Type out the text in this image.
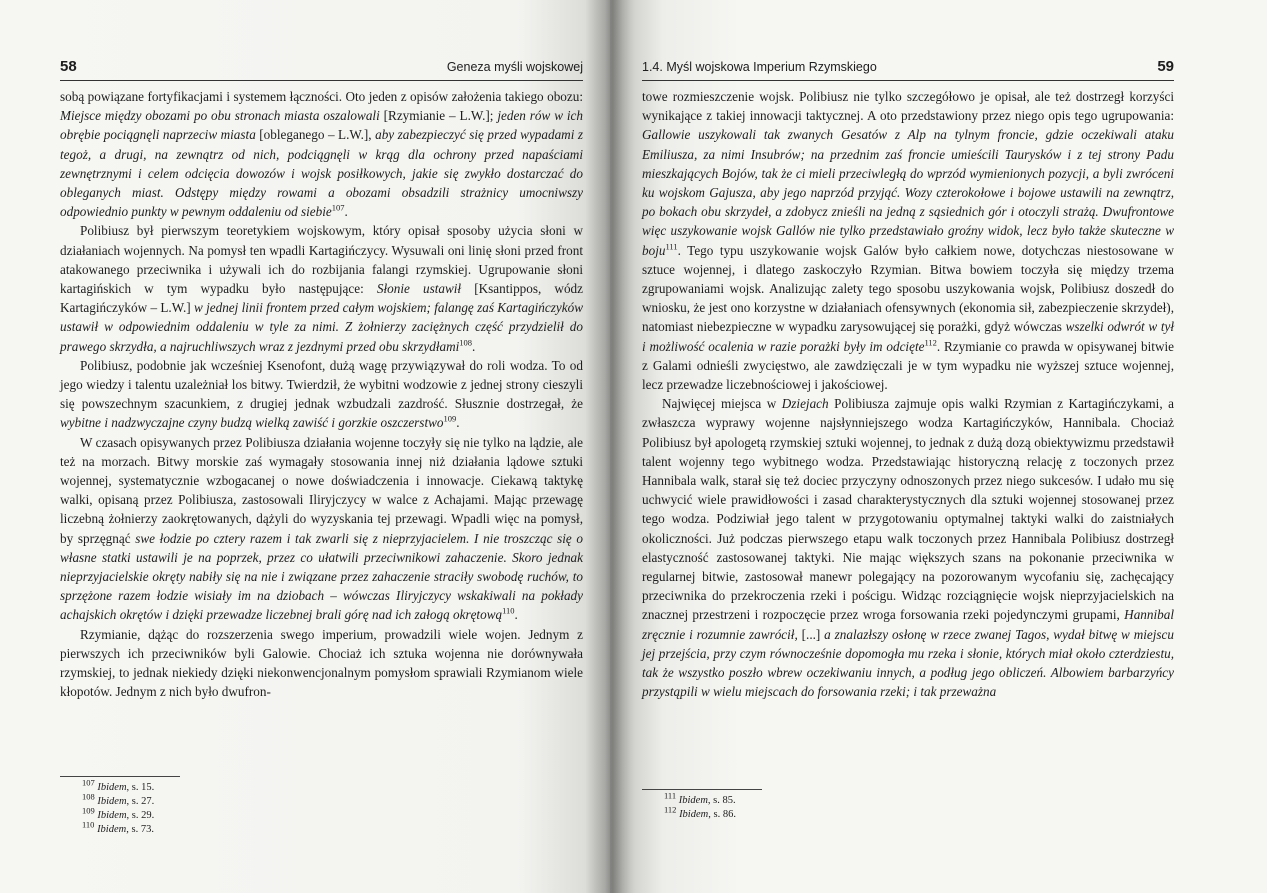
58	Geneza myśli wojskowej

sobą powiązane fortyfikacjami i systemem łączności. Oto jeden z opisów założenia takiego obozu: Miejsce między obozami po obu stronach miasta oszalowali [Rzymianie – L.W.]; jeden rów w ich obrębie pociągnęli naprzeciw miasta [obleganego – L.W.], aby zabezpieczyć się przed wypadami z tegoż, a drugi, na zewnątrz od nich, podciągnęli w krąg dla ochrony przed napaściami zewnętrznymi i celem odcięcia dowozów i wojsk posiłkowych, jakie się zwykło dostarczać do obleganych miast. Odstępy między rowami a obozami obsadzili strażnicy umocniwszy odpowiednio punkty w pewnym oddaleniu od siebie$^{107}$.

Polibiusz był pierwszym teoretykiem wojskowym, który opisał sposoby użycia słoni w działaniach wojennych. Na pomysł ten wpadli Kartagińczycy. Wysuwali oni linię słoni przed front atakowanego przeciwnika i używali ich do rozbijania falangi rzymskiej. Ugrupowanie słoni kartagińskich w tym wypadku było następujące: Słonie ustawił [Ksantippos, wódz Kartagińczyków – L.W.] w jednej linii frontem przed całym wojskiem; falangę zaś Kartagińczyków ustawił w odpowiednim oddaleniu w tyle za nimi. Z żołnierzy zaciężnych część przydzielił do prawego skrzydła, a najruchliwszych wraz z jezdnymi przed obu skrzydłami$^{108}$.

Polibiusz, podobnie jak wcześniej Ksenofont, dużą wagę przywiązywał do roli wodza. To od jego wiedzy i talentu uzależniał los bitwy. Twierdził, że wybitni wodzowie z jednej strony cieszyli się powszechnym szacunkiem, z drugiej jednak wzbudzali zazdrość. Słusznie dostrzegał, że wybitne i nadzwyczajne czyny budzą wielką zawiść i gorzkie oszczerstwo$^{109}$.

W czasach opisywanych przez Polibiusza działania wojenne toczyły się nie tylko na lądzie, ale też na morzach. Bitwy morskie zaś wymagały stosowania innej niż działania lądowe sztuki wojennej, systematycznie wzbogacanej o nowe doświadczenia i innowacje. Ciekawą taktykę walki, opisaną przez Polibiusza, zastosowali Iliryjczycy w walce z Achajami. Mając przewagę liczebną żołnierzy zaokrętowanych, dążyli do wyzyskania tej przewagi. Wpadli więc na pomysł, by sprzęgnąć swe łodzie po cztery razem i tak zwarli się z nieprzyjacielem. I nie troszcząc się o własne statki ustawili je na poprzek, przez co ułatwili przeciwnikowi zahaczenie. Skoro jednak nieprzyjacielskie okręty nabiły się na nie i związane przez zahaczenie straciły swobodę ruchów, to sprzężone razem łodzie wisiały im na dziobach – wówczas Iliryjczycy wskakiwali na pokłady achajskich okrętów i dzięki przewadze liczebnej brali górę nad ich załogą okrętową$^{110}$.

Rzymianie, dążąc do rozszerzenia swego imperium, prowadzili wiele wojen. Jednym z pierwszych ich przeciwników byli Galowie. Chociaż ich sztuka wojenna nie dorównywała rzymskiej, to jednak niekiedy dzięki niekonwencjonalnym pomysłom sprawiali Rzymianom wiele kłopotów. Jednym z nich było dwufron-

$^{107}$ Ibidem, s. 15.
$^{108}$ Ibidem, s. 27.
$^{109}$ Ibidem, s. 29.
$^{110}$ Ibidem, s. 73.
1.4. Myśl wojskowa Imperium Rzymskiego	59

towe rozmieszczenie wojsk. Polibiusz nie tylko szczegółowo je opisał, ale też dostrzegł korzyści wynikające z takiej innowacji taktycznej. A oto przedstawiony przez niego opis tego ugrupowania: Gallowie uszykowali tak zwanych Gesatów z Alp na tylnym froncie, gdzie oczekiwali ataku Emiliusza, za nimi Insubrów; na przednim zaś froncie umieścili Taurysków i z tej strony Padu mieszkających Bojów, tak że ci mieli przeciwległą do wprzód wymienionych pozycji, a byli zwróceni ku wojskom Gajusza, aby jego naprzód przyjąć. Wozy czterokołowe i bojowe ustawili na zewnątrz, po bokach obu skrzydeł, a zdobycz znieśli na jedną z sąsiednich gór i otoczyli strażą. Dwufrontowe więc uszykowanie wojsk Gallów nie tylko przedstawiało groźny widok, lecz było także skuteczne w boju$^{111}$. Tego typu uszykowanie wojsk Galów było całkiem nowe, dotychczas niestosowane w sztuce wojennej, i dlatego zaskoczyło Rzymian. Bitwa bowiem toczyła się między trzema zgrupowaniami wojsk. Analizując zalety tego sposobu uszykowania wojsk, Polibiusz doszedł do wniosku, że jest ono korzystne w działaniach ofensywnych (ekonomia sił, zabezpieczenie skrzydeł), natomiast niebezpieczne w wypadku zarysowującej się porażki, gdyż wówczas wszelki odwrót w tył i możliwość ocalenia w razie porażki były im odcięte$^{112}$. Rzymianie co prawda w opisywanej bitwie z Galami odnieśli zwycięstwo, ale zawdzięczali je w tym wypadku nie wyższej sztuce wojennej, lecz przewadze liczebnościowej i jakościowej.

Najwięcej miejsca w Dziejach Polibiusza zajmuje opis walki Rzymian z Kartagińczykami, a zwłaszcza wyprawy wojenne najsłynniejszego wodza Kartagińczyków, Hannibala. Chociaż Polibiusz był apologetą rzymskiej sztuki wojennej, to jednak z dużą dozą obiektywizmu przedstawił talent wojenny tego wybitnego wodza. Przedstawiając historyczną relację z toczonych przez Hannibala walk, starał się też dociec przyczyny odnoszonych przez niego sukcesów. I udało mu się uchwycić wiele prawidłowości i zasad charakterystycznych dla sztuki wojennej stosowanej przez tego wodza. Podziwiał jego talent w przygotowaniu optymalnej taktyki walki do zaistniałych okoliczności. Już podczas pierwszego etapu walk toczonych przez Hannibala Polibiusz dostrzegł elastyczność zastosowanej taktyki. Nie mając większych szans na pokonanie przeciwnika w regularnej bitwie, zastosował manewr polegający na pozorowanym wycofaniu się, zachęcający przeciwnika do przekroczenia rzeki i pościgu. Widząc rozciągnięcie wojsk nieprzyjacielskich na znacznej przestrzeni i rozpoczęcie przez wroga forsowania rzeki pojedynczymi grupami, Hannibal zręcznie i rozumnie zawrócił, [...] a znalazłszy osłonę w rzece zwanej Tagos, wydał bitwę w miejscu jej przejścia, przy czym równocześnie dopomogła mu rzeka i słonie, których miał około czterdziestu, tak że wszystko poszło wbrew oczekiwaniu innych, a podług jego obliczeń. Albowiem barbarzyńcy przystąpili w wielu miejscach do forsowania rzeki; i tak przeważna

$^{111}$ Ibidem, s. 85.
$^{112}$ Ibidem, s. 86.
